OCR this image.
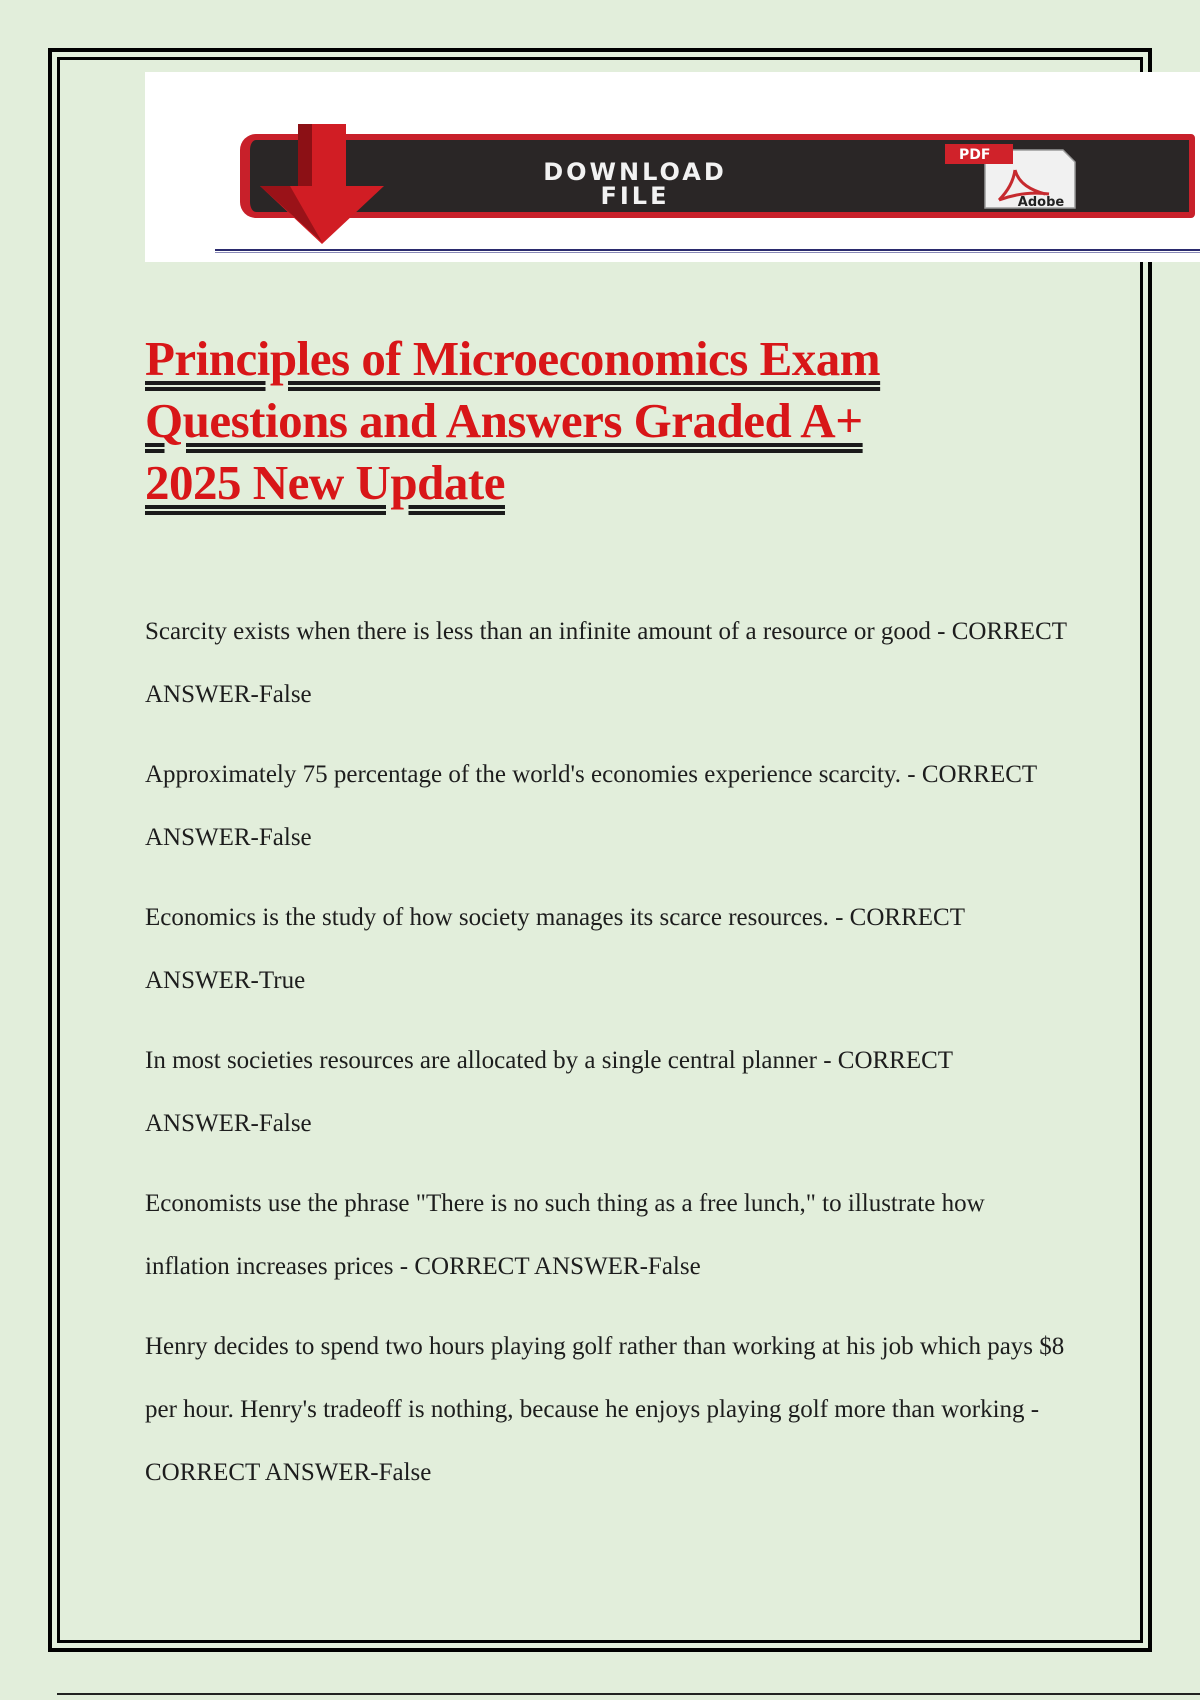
DOWNLOAD
FILE
PDF
Adobe
Principles of Microeconomics Exam
Questions and Answers Graded A+
2025 New Update

Scarcity exists when there is less than an infinite amount of a resource or good - CORRECT ANSWER-False

Approximately 75 percentage of the world's economies experience scarcity. - CORRECT ANSWER-False

Economics is the study of how society manages its scarce resources. - CORRECT ANSWER-True

In most societies resources are allocated by a single central planner - CORRECT ANSWER-False

Economists use the phrase "There is no such thing as a free lunch," to illustrate how inflation increases prices - CORRECT ANSWER-False

Henry decides to spend two hours playing golf rather than working at his job which pays $8 per hour. Henry's tradeoff is nothing, because he enjoys playing golf more than working - CORRECT ANSWER-False
